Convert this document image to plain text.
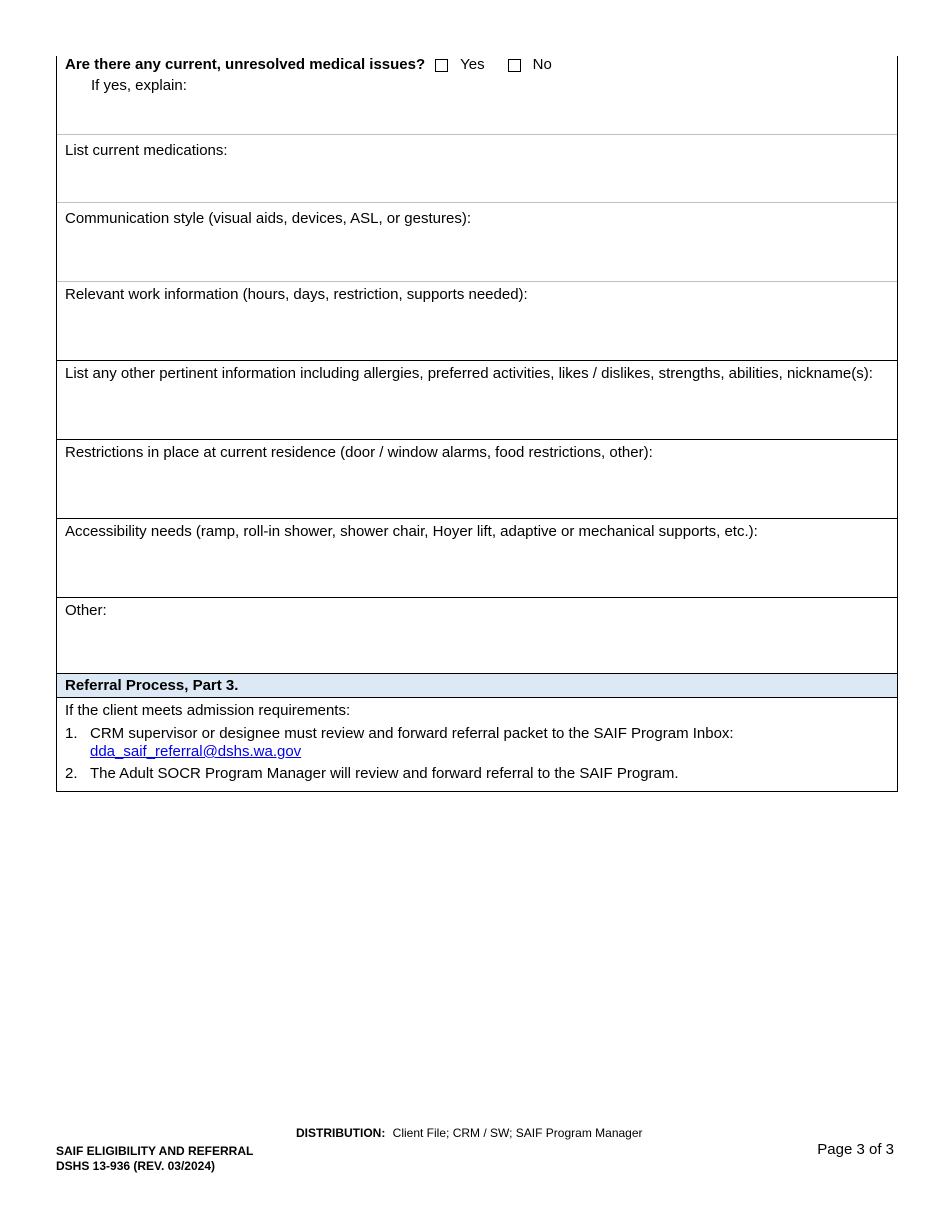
Are there any current, unresolved medical issues? Yes	No
If yes, explain:
List current medications:
Communication style (visual aids, devices, ASL, or gestures):
Relevant work information (hours, days, restriction, supports needed):
List any other pertinent information including allergies, preferred activities, likes / dislikes, strengths, abilities, nickname(s):
Restrictions in place at current residence (door / window alarms, food restrictions, other):
Accessibility needs (ramp, roll-in shower, shower chair, Hoyer lift, adaptive or mechanical supports, etc.):
Other:
Referral Process, Part 3.
If the client meets admission requirements:
1. CRM supervisor or designee must review and forward referral packet to the SAIF Program Inbox:
dda_saif_referral@dshs.wa.gov
2. The Adult SOCR Program Manager will review and forward referral to the SAIF Program.
DISTRIBUTION: Client File; CRM / SW; SAIF Program Manager
SAIF ELIGIBILITY AND REFERRAL
DSHS 13-936 (REV. 03/2024)
Page 3 of 3
